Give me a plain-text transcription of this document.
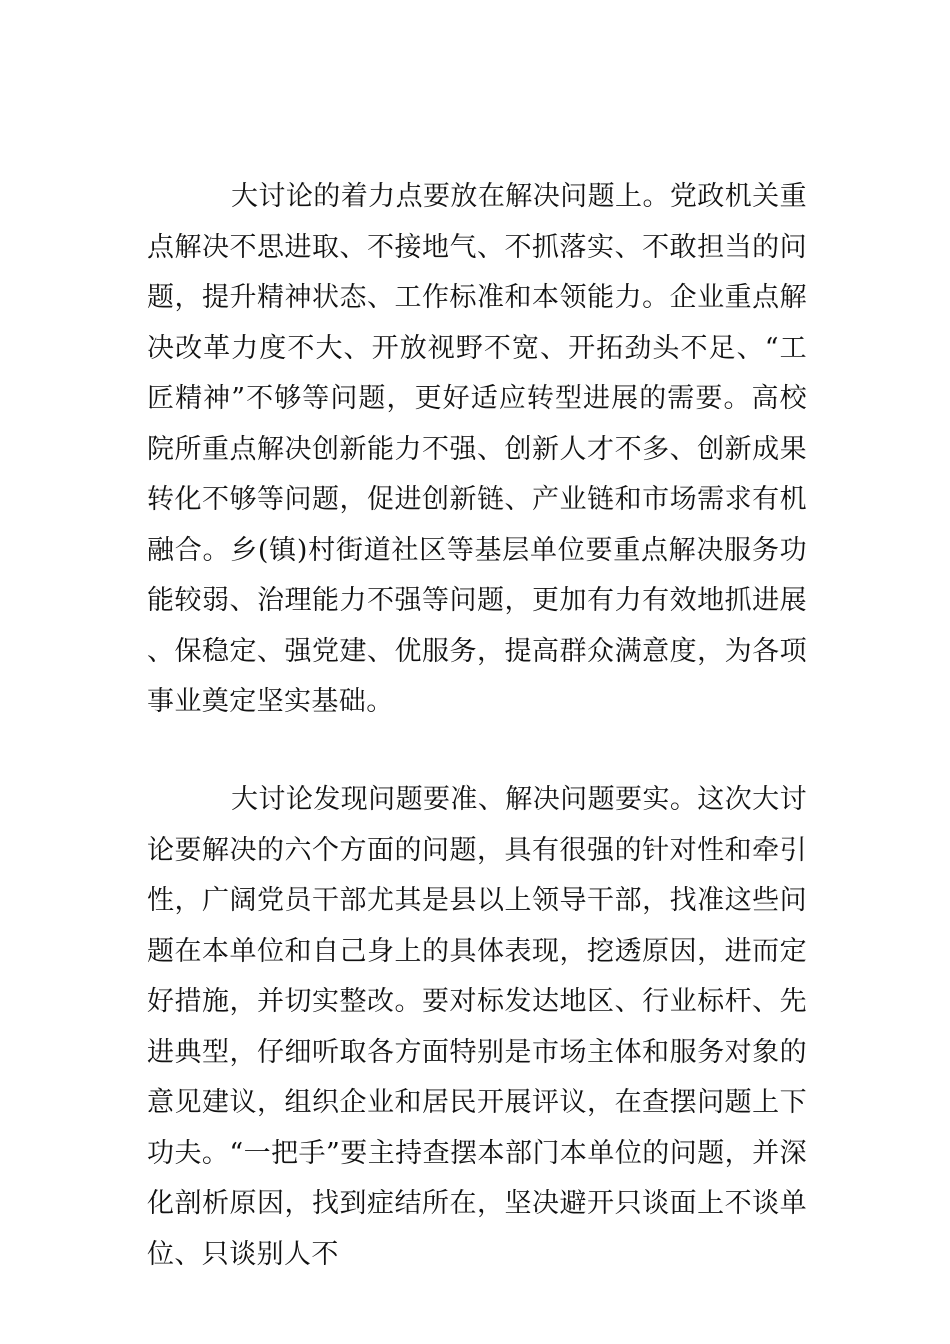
大讨论的着力点要放在解决问题上。党政机关重点解决不思进取、不接地气、不抓落实、不敢担当的问题，提升精神状态、工作标准和本领能力。企业重点解决改革力度不大、开放视野不宽、开拓劲头不足、“工匠精神”不够等问题，更好适应转型进展的需要。高校院所重点解决创新能力不强、创新人才不多、创新成果转化不够等问题，促进创新链、产业链和市场需求有机融合。乡(镇)村街道社区等基层单位要重点解决服务功能较弱、治理能力不强等问题，更加有力有效地抓进展、保稳定、强党建、优服务，提高群众满意度，为各项事业奠定坚实基础。

大讨论发现问题要准、解决问题要实。这次大讨论要解决的六个方面的问题，具有很强的针对性和牵引性，广阔党员干部尤其是县以上领导干部，找准这些问题在本单位和自己身上的具体表现，挖透原因，进而定好措施，并切实整改。要对标发达地区、行业标杆、先进典型，仔细听取各方面特别是市场主体和服务对象的意见建议，组织企业和居民开展评议，在查摆问题上下功夫。“一把手”要主持查摆本部门本单位的问题，并深化剖析原因，找到症结所在，坚决避开只谈面上不谈单位、只谈别人不
